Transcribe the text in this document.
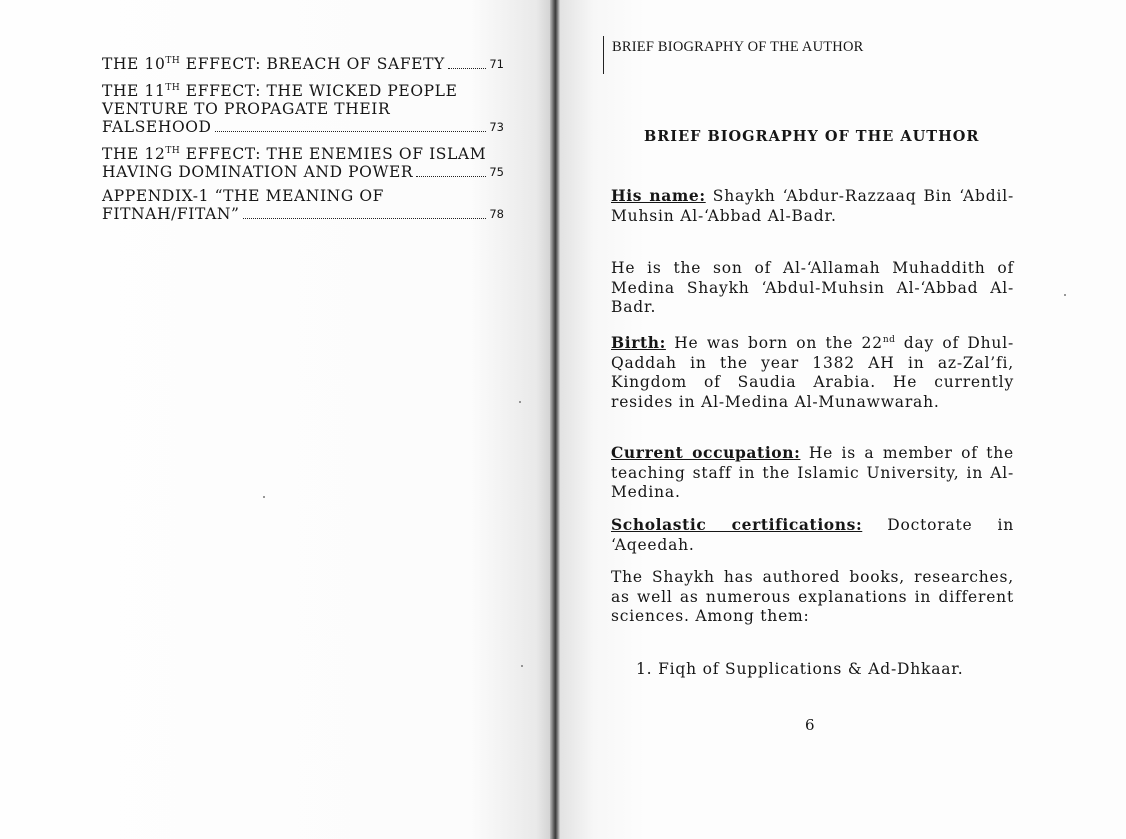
THE 10TH EFFECT: BREACH OF SAFETY	71
THE 11TH EFFECT: THE WICKED PEOPLE
VENTURE TO PROPAGATE THEIR
FALSEHOOD	73
THE 12TH EFFECT: THE ENEMIES OF ISLAM
HAVING DOMINATION AND POWER	75
APPENDIX-1 “THE MEANING OF
FITNAH/FITAN”	78
BRIEF BIOGRAPHY OF THE AUTHOR
BRIEF BIOGRAPHY OF THE AUTHOR
His name: Shaykh ‘Abdur-Razzaaq Bin ‘Abdil-Muhsin Al-‘Abbad Al-Badr.
He is the son of Al-‘Allamah Muhaddith of Medina Shaykh ‘Abdul-Muhsin Al-‘Abbad Al-Badr.
Birth: He was born on the 22nd day of Dhul-Qaddah in the year 1382 AH in az-Zal’fi, Kingdom of Saudia Arabia. He currently resides in Al-Medina Al-Munawwarah.
Current occupation: He is a member of the teaching staff in the Islamic University, in Al-Medina.
Scholastic certifications: Doctorate in ‘Aqeedah.
The Shaykh has authored books, researches, as well as numerous explanations in different sciences. Among them:
1. Fiqh of Supplications & Ad-Dhkaar.
6
